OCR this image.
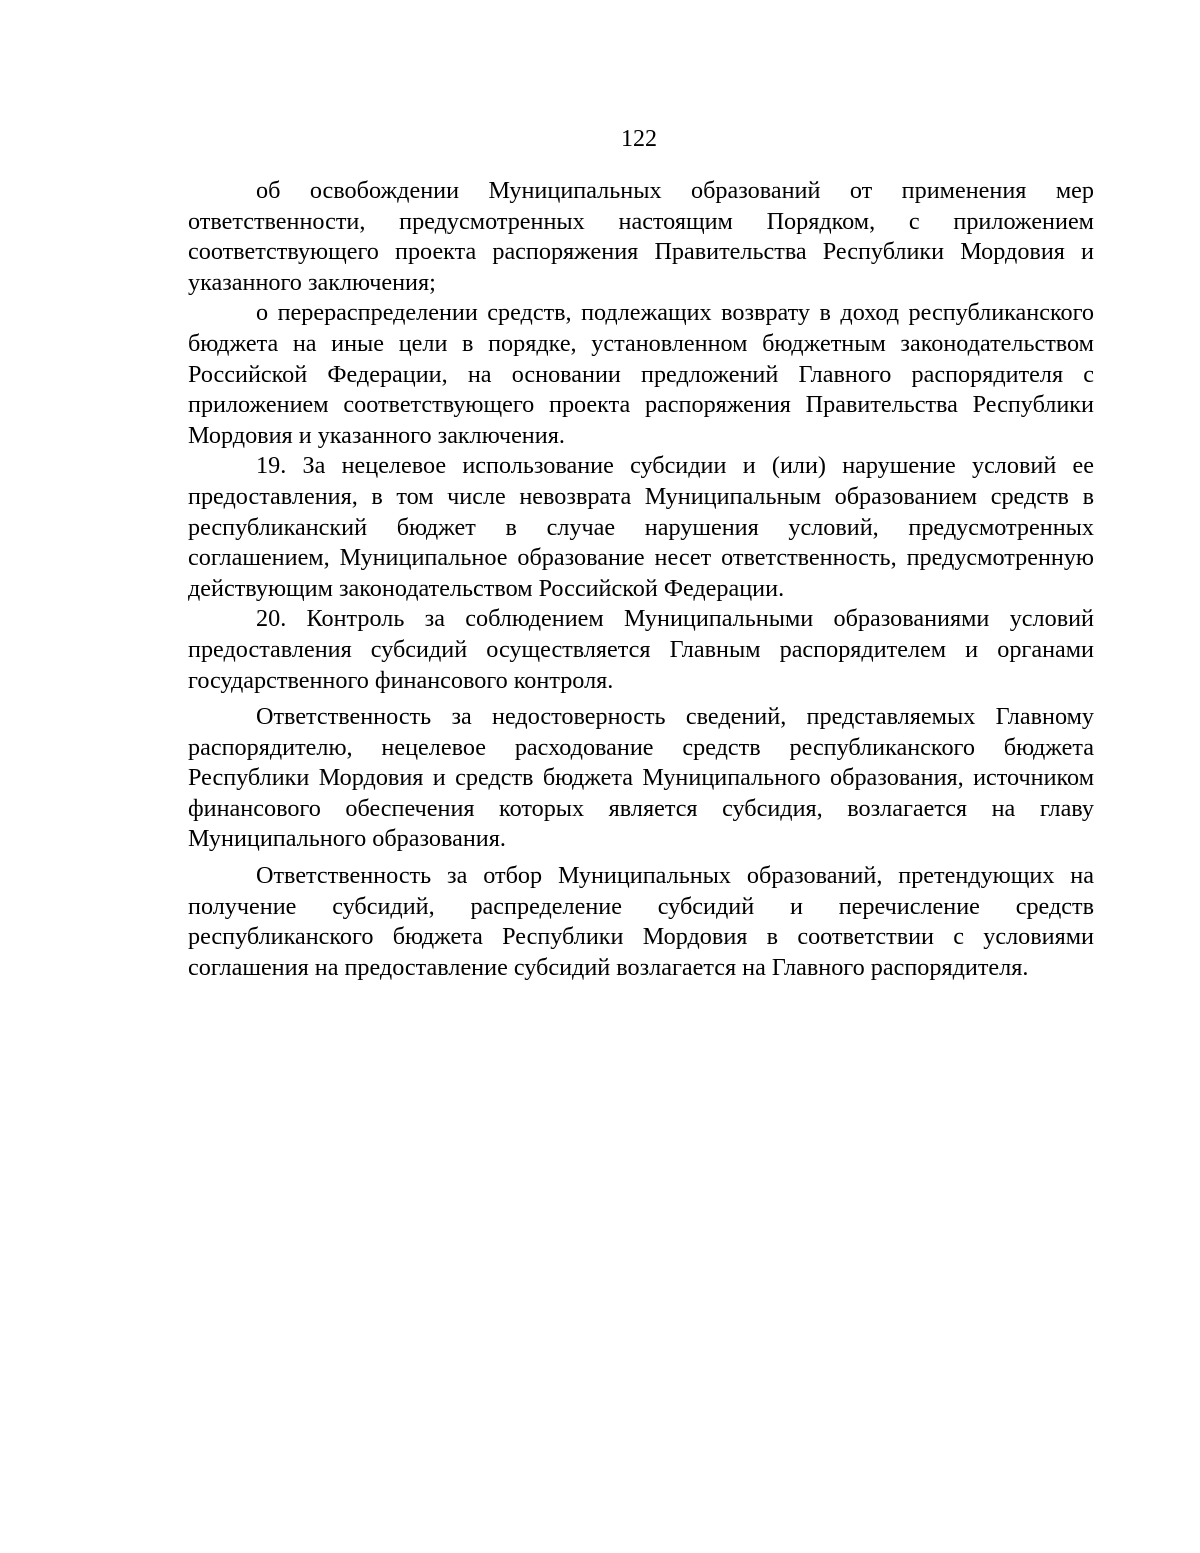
122

об освобождении Муниципальных образований от применения мер ответственности, предусмотренных настоящим Порядком, с приложением соответствующего проекта распоряжения Правительства Республики Мордовия и указанного заключения;

о перераспределении средств, подлежащих возврату в доход республиканского бюджета на иные цели в порядке, установленном бюджетным законодательством Российской Федерации, на основании предложений Главного распорядителя с приложением соответствующего проекта распоряжения Правительства Республики Мордовия и указанного заключения.

19. За нецелевое использование субсидии и (или) нарушение условий ее предоставления, в том числе невозврата Муниципальным образованием средств в республиканский бюджет в случае нарушения условий, предусмотренных соглашением, Муниципальное образование несет ответственность, предусмотренную действующим законодательством Российской Федерации.

20. Контроль за соблюдением Муниципальными образованиями условий предоставления субсидий осуществляется Главным распорядителем и органами государственного финансового контроля.

Ответственность за недостоверность сведений, представляемых Главному распорядителю, нецелевое расходование средств республиканского бюджета Республики Мордовия и средств бюджета Муниципального образования, источником финансового обеспечения которых является субсидия, возлагается на главу Муниципального образования.

Ответственность за отбор Муниципальных образований, претендующих на получение субсидий, распределение субсидий и перечисление средств республиканского бюджета Республики Мордовия в соответствии с условиями соглашения на предоставление субсидий возлагается на Главного распорядителя.
